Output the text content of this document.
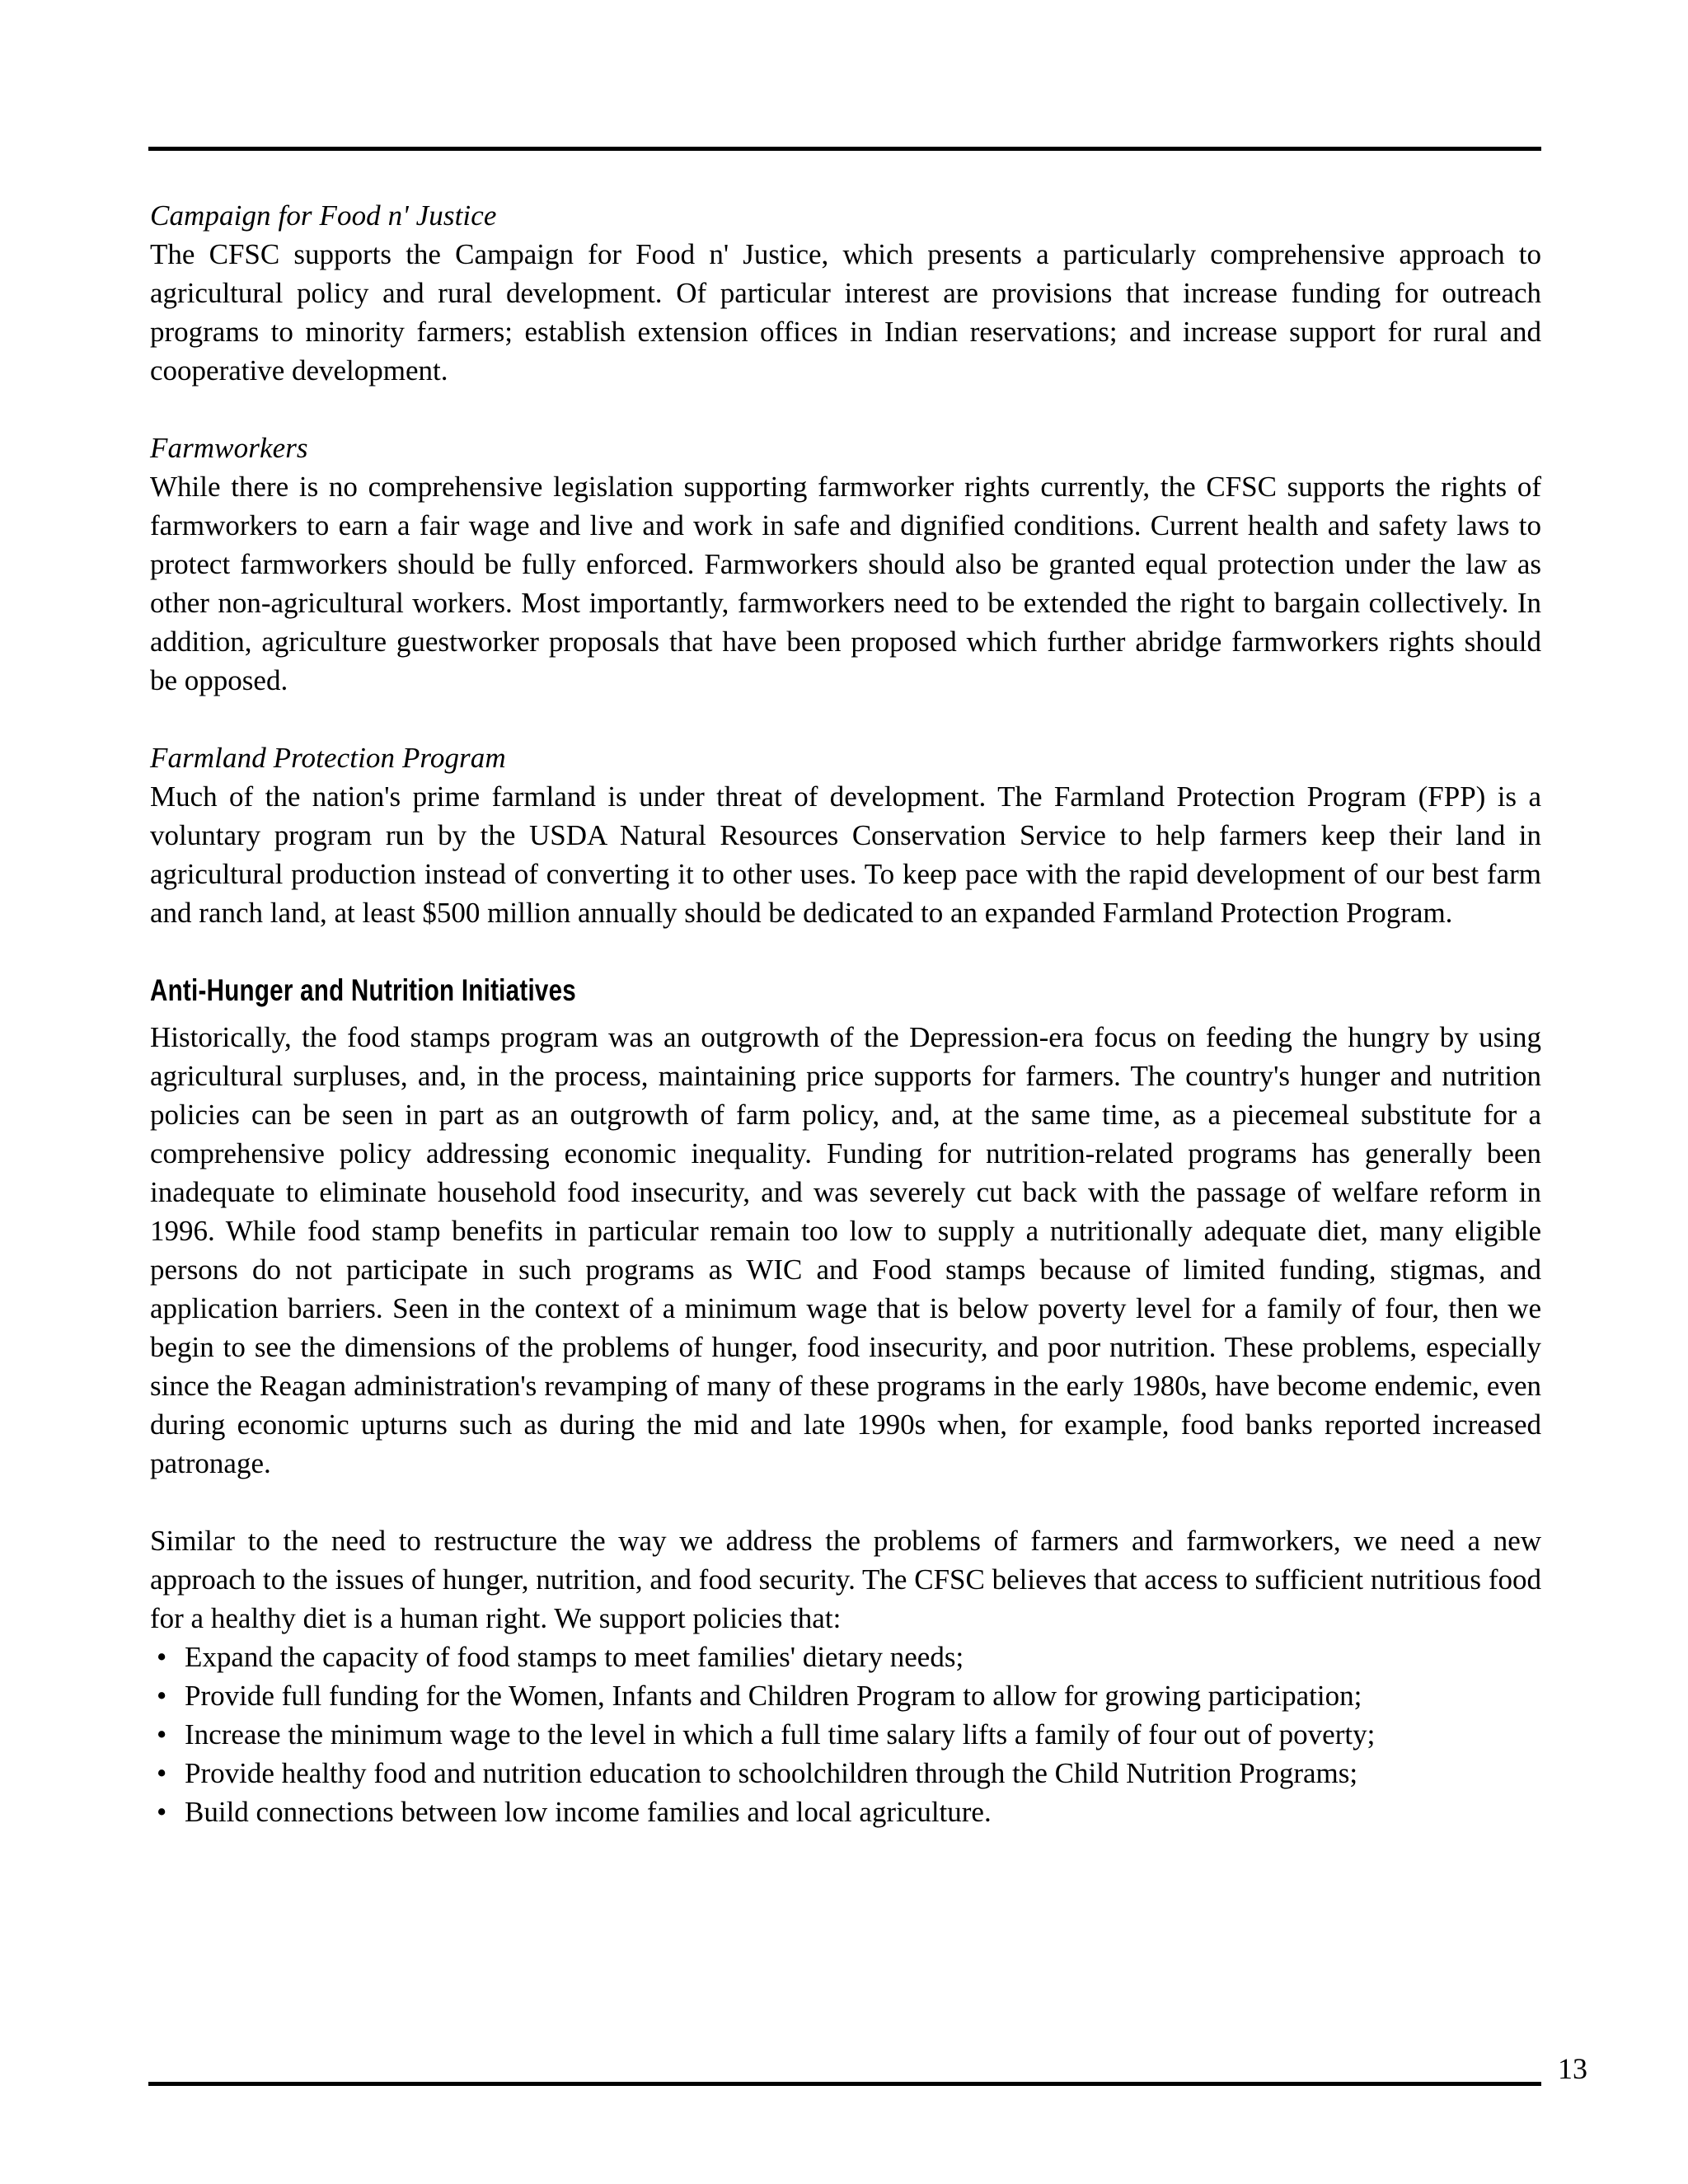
Campaign for Food n' Justice

The CFSC supports the Campaign for Food n' Justice, which presents a particularly comprehensive approach to agricultural policy and rural development. Of particular interest are provisions that increase funding for outreach programs to minority farmers; establish extension offices in Indian reservations; and increase support for rural and cooperative development.

Farmworkers

While there is no comprehensive legislation supporting farmworker rights currently, the CFSC supports the rights of farmworkers to earn a fair wage and live and work in safe and dignified conditions. Current health and safety laws to protect farmworkers should be fully enforced. Farmworkers should also be granted equal protection under the law as other non-agricultural workers. Most importantly, farmworkers need to be extended the right to bargain collectively. In addition, agriculture guestworker proposals that have been proposed which further abridge farmworkers rights should be opposed.

Farmland Protection Program

Much of the nation's prime farmland is under threat of development. The Farmland Protection Program (FPP) is a voluntary program run by the USDA Natural Resources Conservation Service to help farmers keep their land in agricultural production instead of converting it to other uses. To keep pace with the rapid development of our best farm and ranch land, at least $500 million annually should be dedicated to an expanded Farmland Protection Program.

Anti-Hunger and Nutrition Initiatives

Historically, the food stamps program was an outgrowth of the Depression-era focus on feeding the hungry by using agricultural surpluses, and, in the process, maintaining price supports for farmers. The country's hunger and nutrition policies can be seen in part as an outgrowth of farm policy, and, at the same time, as a piecemeal substitute for a comprehensive policy addressing economic inequality. Funding for nutrition-related programs has generally been inadequate to eliminate household food insecurity, and was severely cut back with the passage of welfare reform in 1996. While food stamp benefits in particular remain too low to supply a nutritionally adequate diet, many eligible persons do not participate in such programs as WIC and Food stamps because of limited funding, stigmas, and application barriers. Seen in the context of a minimum wage that is below poverty level for a family of four, then we begin to see the dimensions of the problems of hunger, food insecurity, and poor nutrition. These problems, especially since the Reagan administration's revamping of many of these programs in the early 1980s, have become endemic, even during economic upturns such as during the mid and late 1990s when, for example, food banks reported increased patronage.

Similar to the need to restructure the way we address the problems of farmers and farmworkers, we need a new approach to the issues of hunger, nutrition, and food security. The CFSC believes that access to sufficient nutritious food for a healthy diet is a human right. We support policies that:

• Expand the capacity of food stamps to meet families' dietary needs;
• Provide full funding for the Women, Infants and Children Program to allow for growing participation;
• Increase the minimum wage to the level in which a full time salary lifts a family of four out of poverty;
• Provide healthy food and nutrition education to schoolchildren through the Child Nutrition Programs;
• Build connections between low income families and local agriculture.
13
